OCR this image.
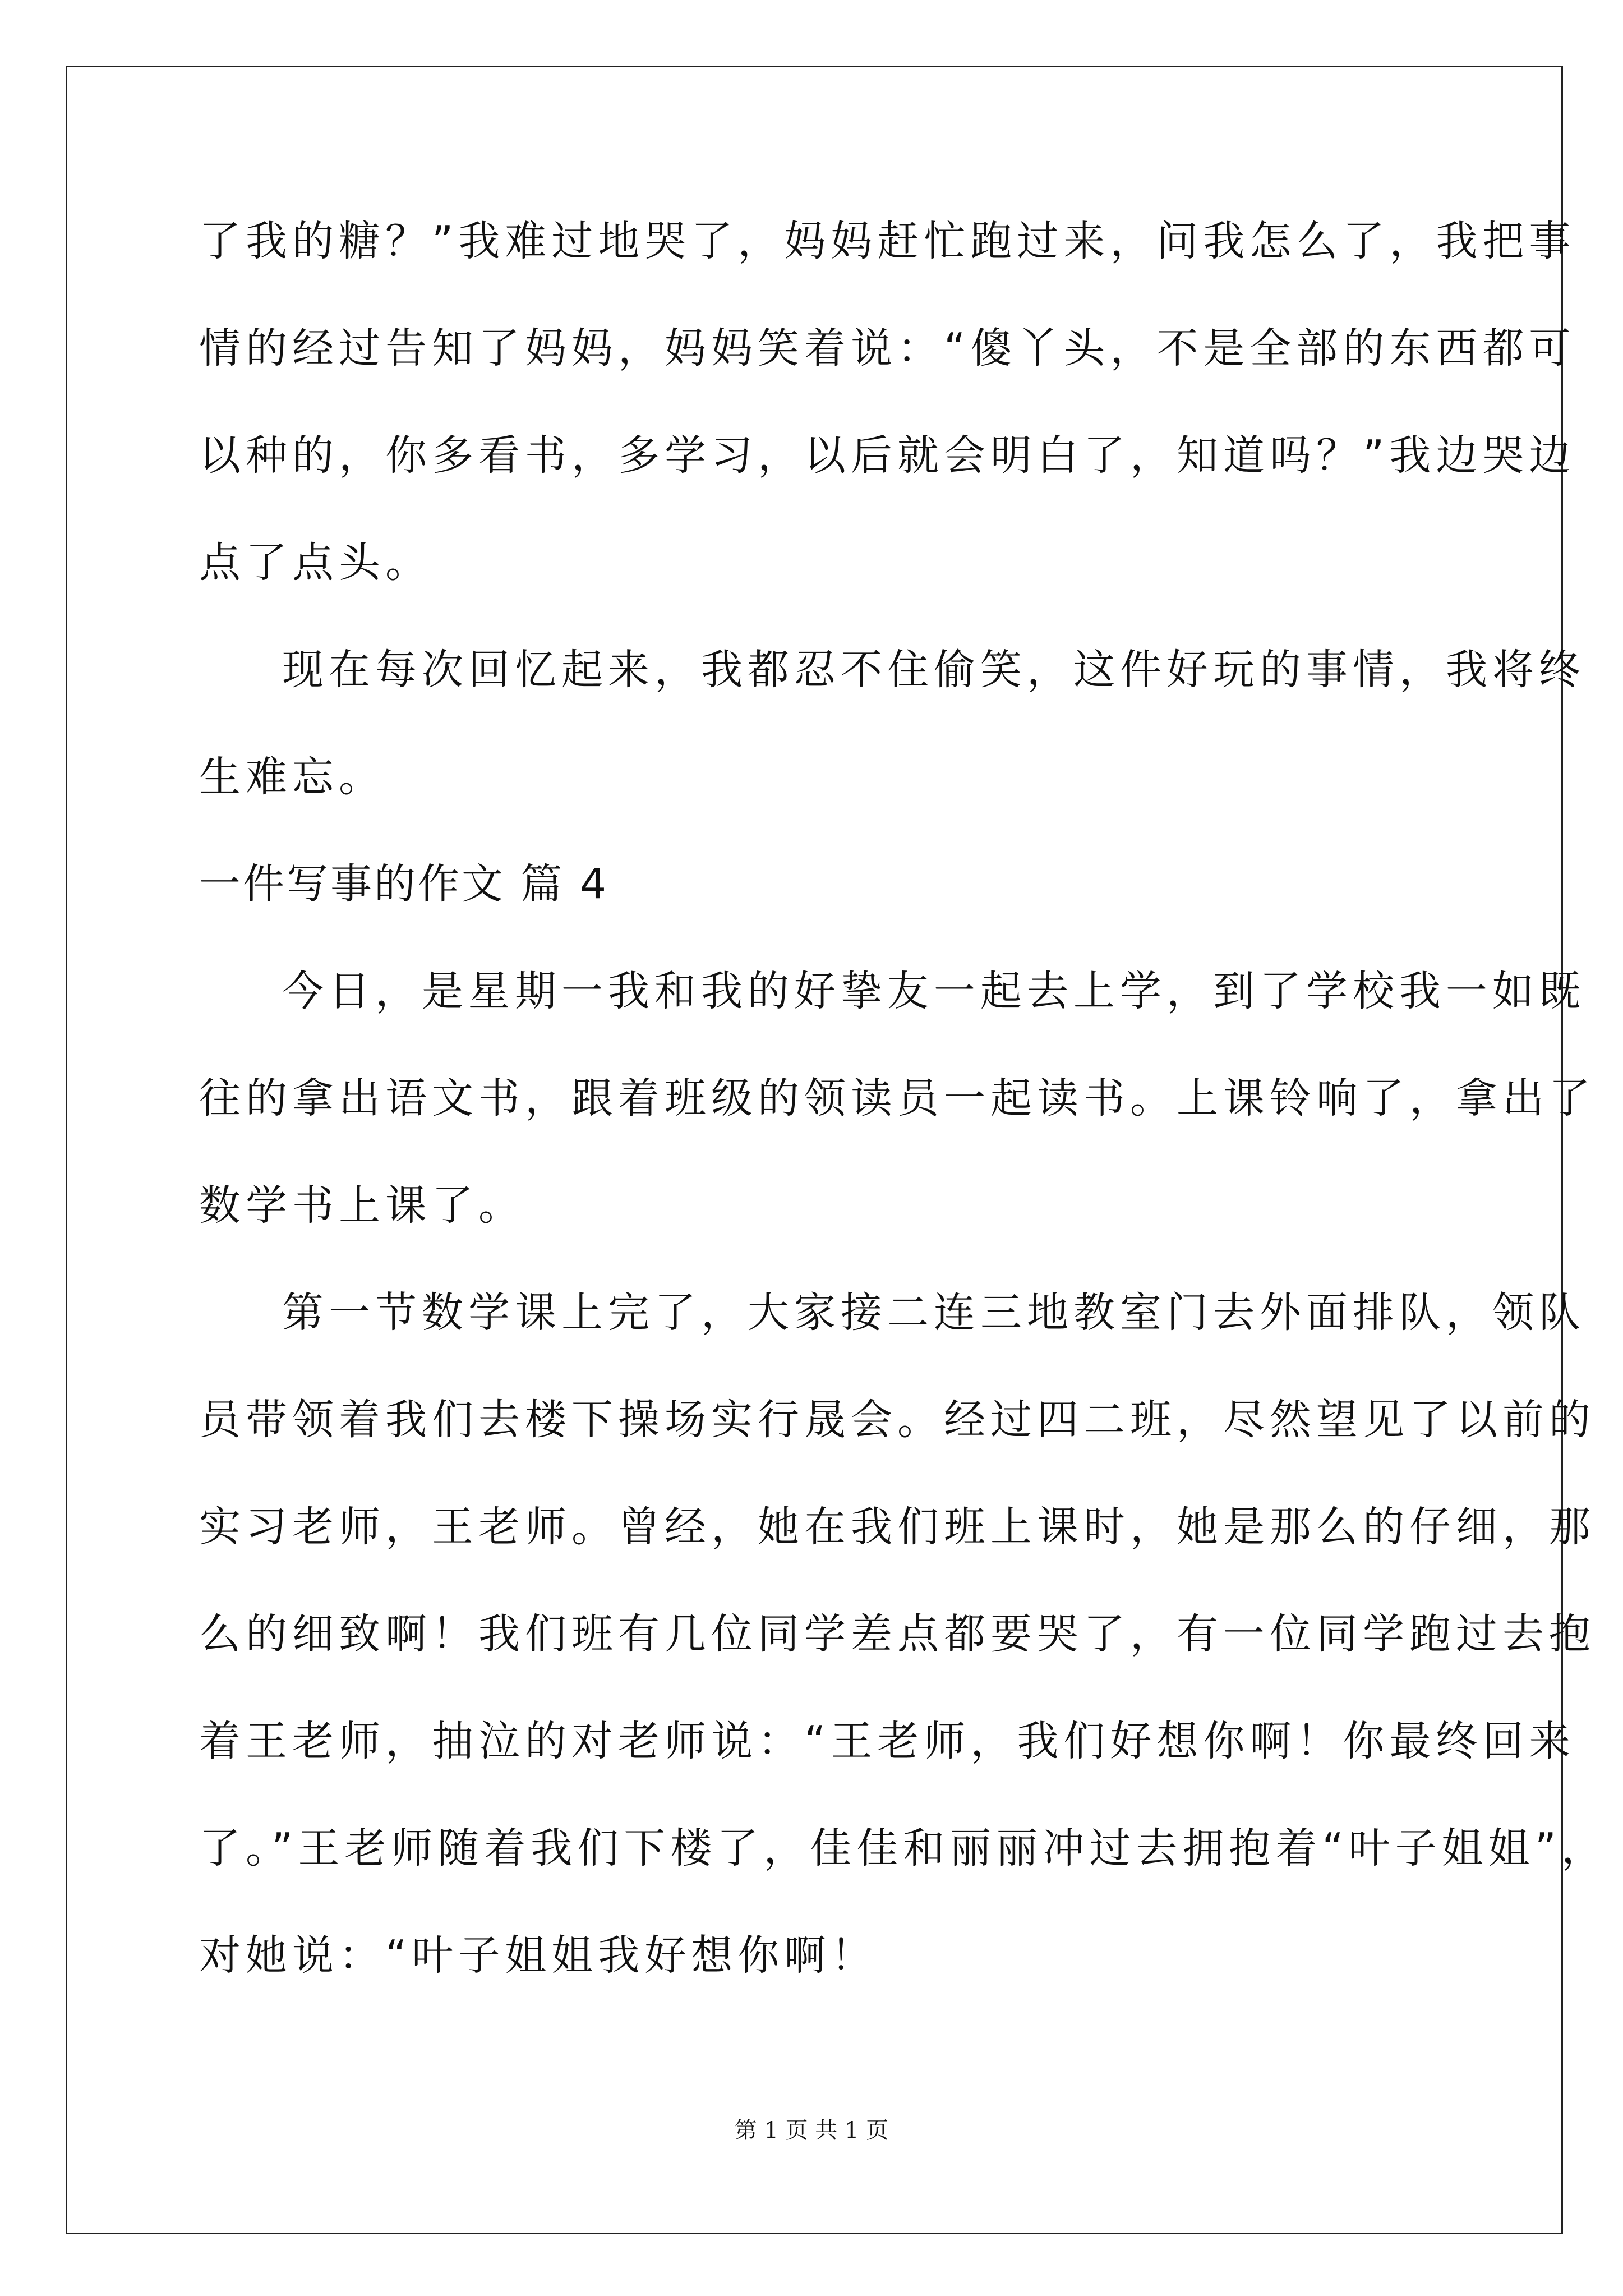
了我的糖？”我难过地哭了，妈妈赶忙跑过来，问我怎么了，我把事
情的经过告知了妈妈，妈妈笑着说：“傻丫头，不是全部的东西都可
以种的，你多看书，多学习，以后就会明白了，知道吗？”我边哭边
点了点头。
现在每次回忆起来，我都忍不住偷笑，这件好玩的事情，我将终
生难忘。
一件写事的作文 篇 4
今日，是星期一我和我的好挚友一起去上学，到了学校我一如既
往的拿出语文书，跟着班级的领读员一起读书。上课铃响了，拿出了
数学书上课了。
第一节数学课上完了，大家接二连三地教室门去外面排队，领队
员带领着我们去楼下操场实行晟会。经过四二班，尽然望见了以前的
实习老师，王老师。曾经，她在我们班上课时，她是那么的仔细，那
么的细致啊！我们班有几位同学差点都要哭了，有一位同学跑过去抱
着王老师，抽泣的对老师说：“王老师，我们好想你啊！你最终回来
了。”王老师随着我们下楼了，佳佳和丽丽冲过去拥抱着“叶子姐姐”，
对她说：“叶子姐姐我好想你啊！
第 1 页 共 1 页
